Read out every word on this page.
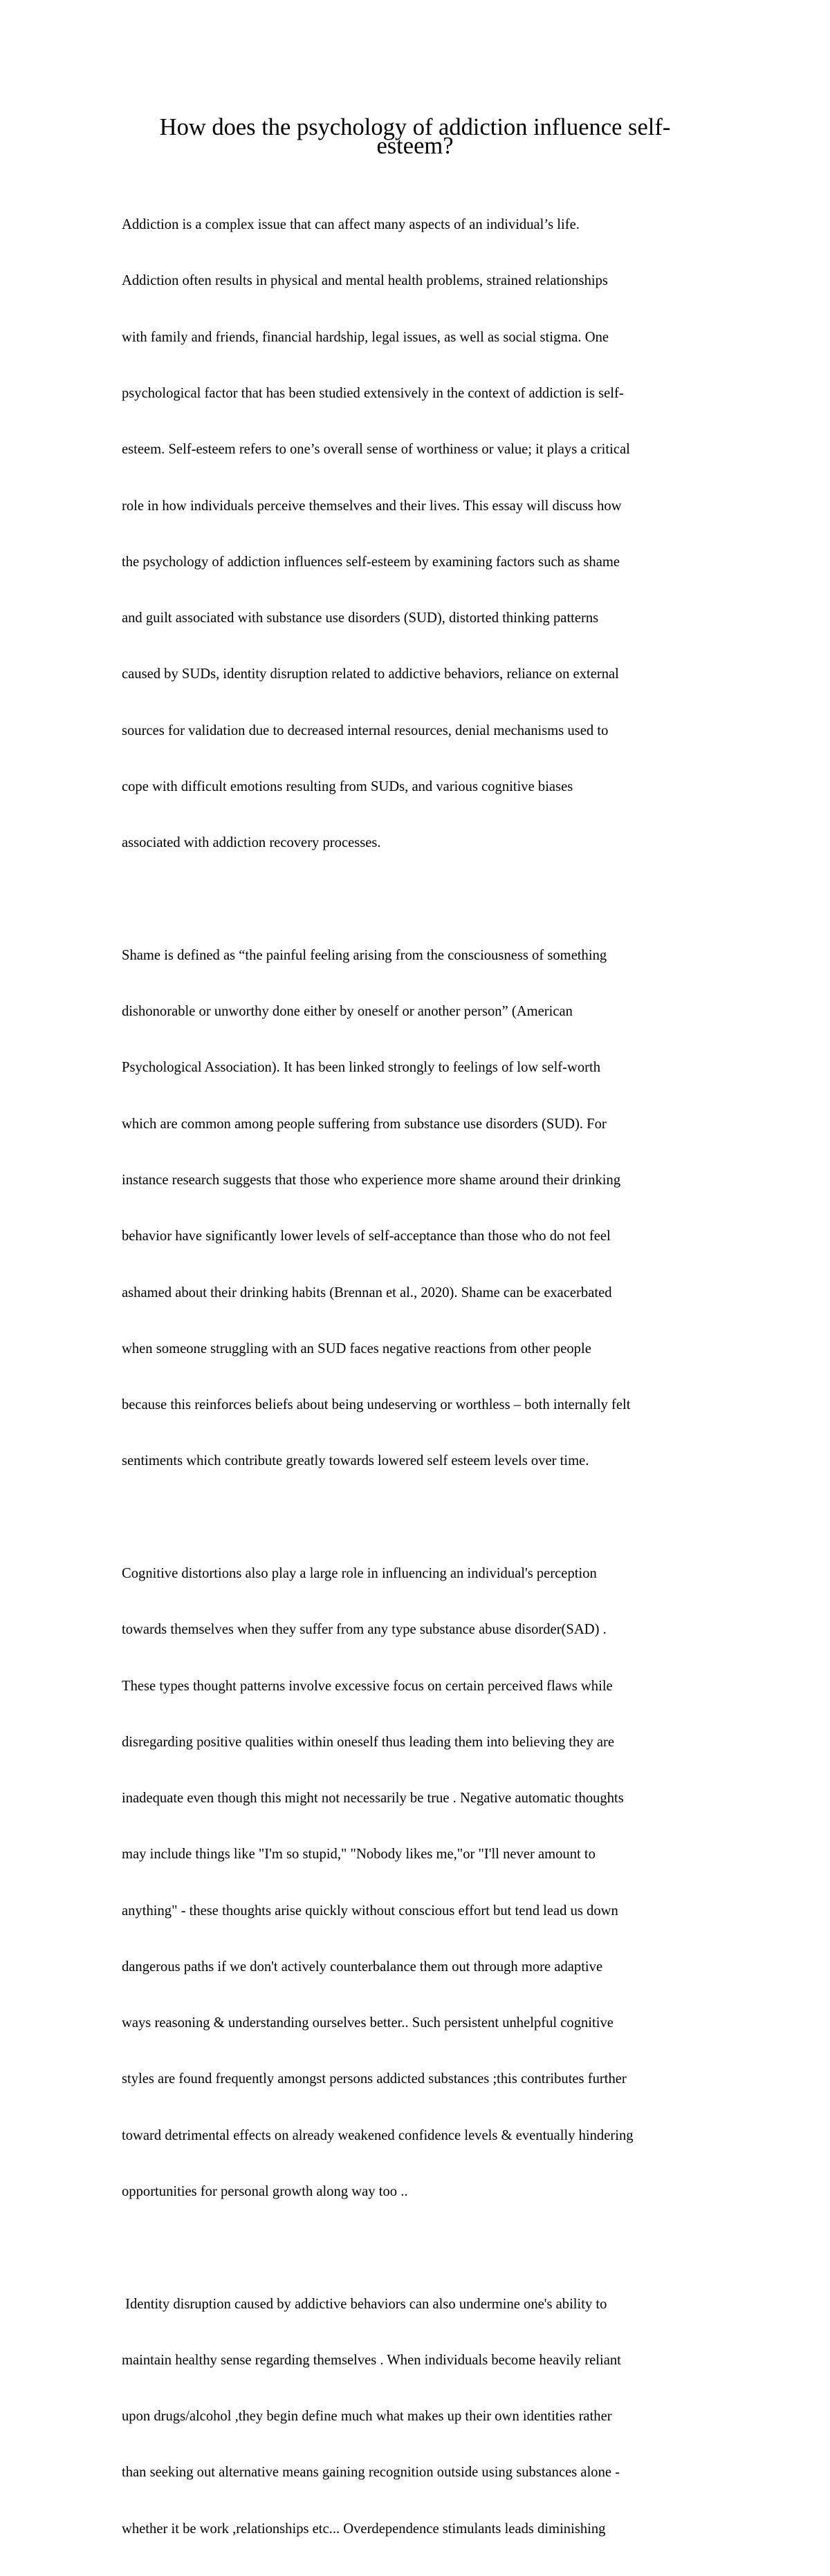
How does the psychology of addiction influence self-
esteem?

Addiction is a complex issue that can affect many aspects of an individual’s life.

Addiction often results in physical and mental health problems, strained relationships

with family and friends, financial hardship, legal issues, as well as social stigma. One

psychological factor that has been studied extensively in the context of addiction is self-

esteem. Self-esteem refers to one’s overall sense of worthiness or value; it plays a critical

role in how individuals perceive themselves and their lives. This essay will discuss how

the psychology of addiction influences self-esteem by examining factors such as shame

and guilt associated with substance use disorders (SUD), distorted thinking patterns

caused by SUDs, identity disruption related to addictive behaviors, reliance on external

sources for validation due to decreased internal resources, denial mechanisms used to

cope with difficult emotions resulting from SUDs, and various cognitive biases

associated with addiction recovery processes.

Shame is defined as “the painful feeling arising from the consciousness of something

dishonorable or unworthy done either by oneself or another person” (American

Psychological Association). It has been linked strongly to feelings of low self-worth

which are common among people suffering from substance use disorders (SUD). For

instance research suggests that those who experience more shame around their drinking

behavior have significantly lower levels of self-acceptance than those who do not feel

ashamed about their drinking habits (Brennan et al., 2020). Shame can be exacerbated

when someone struggling with an SUD faces negative reactions from other people

because this reinforces beliefs about being undeserving or worthless – both internally felt

sentiments which contribute greatly towards lowered self esteem levels over time.

Cognitive distortions also play a large role in influencing an individual's perception

towards themselves when they suffer from any type substance abuse disorder(SAD) .

These types thought patterns involve excessive focus on certain perceived flaws while

disregarding positive qualities within oneself thus leading them into believing they are

inadequate even though this might not necessarily be true . Negative automatic thoughts

may include things like "I'm so stupid," "Nobody likes me,"or "I'll never amount to

anything" - these thoughts arise quickly without conscious effort but tend lead us down

dangerous paths if we don't actively counterbalance them out through more adaptive

ways reasoning & understanding ourselves better.. Such persistent unhelpful cognitive

styles are found frequently amongst persons addicted substances ;this contributes further

toward detrimental effects on already weakened confidence levels & eventually hindering

opportunities for personal growth along way too ..

Identity disruption caused by addictive behaviors can also undermine one's ability to

maintain healthy sense regarding themselves . When individuals become heavily reliant

upon drugs/alcohol ,they begin define much what makes up their own identities rather

than seeking out alternative means gaining recognition outside using substances alone -

whether it be work ,relationships etc... Overdependence stimulants leads diminishing
